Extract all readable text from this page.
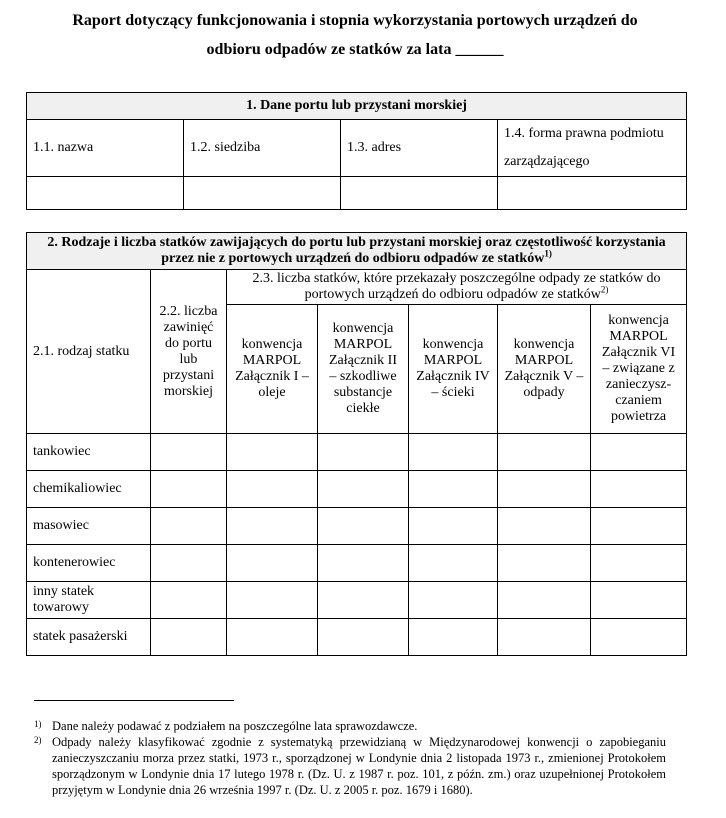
Raport dotyczący funkcjonowania i stopnia wykorzystania portowych urządzeń do
odbioru odpadów ze statków za lata ______
1. Dane portu lub przystani morskiej			
1.1. nazwa	1.2. siedziba	1.3. adres	1.4. forma prawna podmiotu zarządzającego

2. Rodzaje i liczba statków zawijających do portu lub przystani morskiej oraz częstotliwość korzystania przez nie z portowych urządzeń do odbioru odpadów ze statków$^{1)}$
2.1. rodzaj statku	2.2. liczba zawinięć do portu lub przystani morskiej	2.3. liczba statków, które przekazały poszczególne odpady ze statków do portowych urządzeń do odbioru odpadów ze statków$^{2)}$
		konwencja MARPOL Załącznik I – oleje	konwencja MARPOL Załącznik II – szkodliwe substancje ciekłe	konwencja MARPOL Załącznik IV – ścieki	konwencja MARPOL Załącznik V – odpady	konwencja MARPOL Załącznik VI – związane z zanieczysz-czaniem powietrza
tankowiec						
chemikaliowiec						
masowiec						
kontenerowiec						
inny statek towarowy						
statek pasażerski						
1) Dane należy podawać z podziałem na poszczególne lata sprawozdawcze.
2) Odpady należy klasyfikować zgodnie z systematyką przewidzianą w Międzynarodowej konwencji o zapobieganiu zanieczyszczaniu morza przez statki, 1973 r., sporządzonej w Londynie dnia 2 listopada 1973 r., zmienionej Protokołem sporządzonym w Londynie dnia 17 lutego 1978 r. (Dz. U. z 1987 r. poz. 101, z późn. zm.) oraz uzupełnionej Protokołem przyjętym w Londynie dnia 26 września 1997 r. (Dz. U. z 2005 r. poz. 1679 i 1680).
